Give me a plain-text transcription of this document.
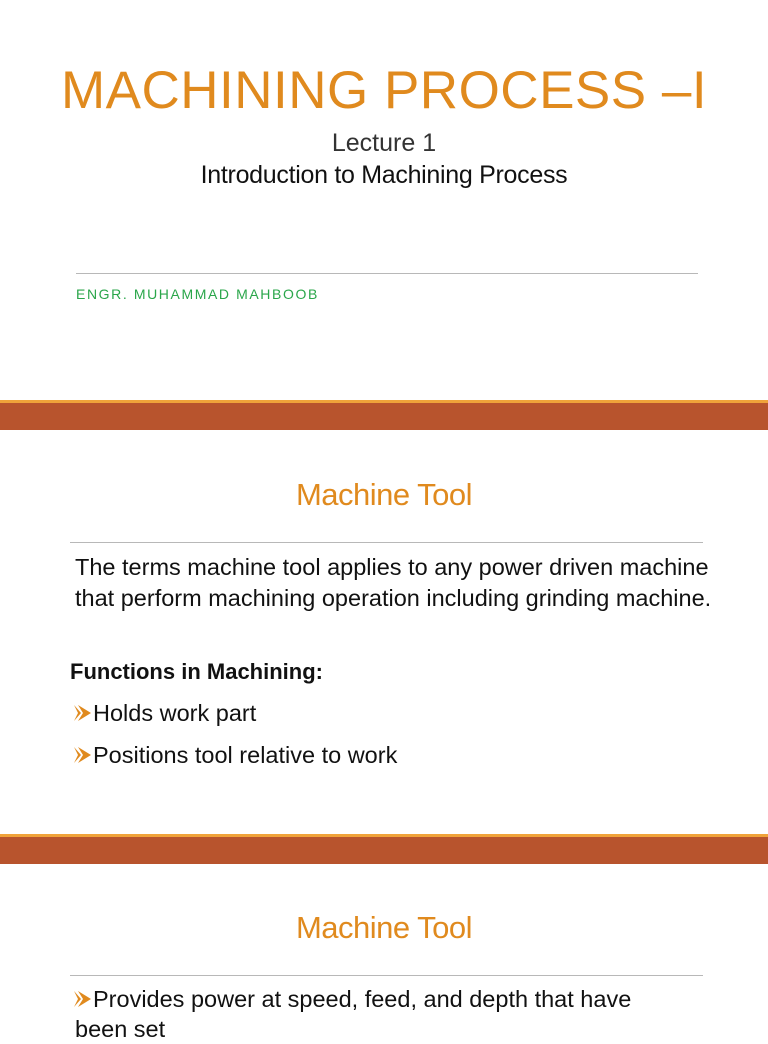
MACHINING PROCESS –I
Lecture 1
Introduction to Machining Process
ENGR. MUHAMMAD MAHBOOB
Machine Tool
The terms machine tool applies to any power driven machine that perform machining operation including grinding machine.
Functions in Machining:
Holds work part
Positions tool relative to work
Machine Tool
Provides power at speed, feed, and depth that have
been set
